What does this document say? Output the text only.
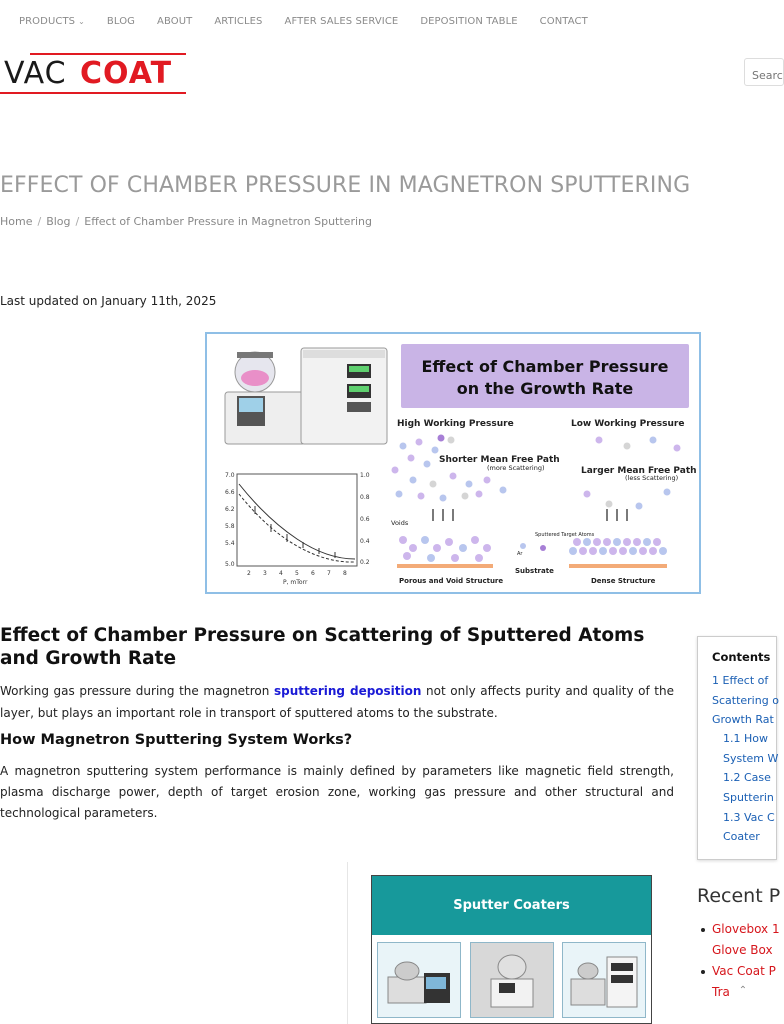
PRODUCTS ⌄ BLOG ABOUT ARTICLES AFTER SALES SERVICE DEPOSITION TABLE CONTACT
VAC COAT
Search
EFFECT OF CHAMBER PRESSURE IN MAGNETRON SPUTTERING
Home / Blog / Effect of Chamber Pressure in Magnetron Sputtering
Last updated on January 11th, 2025
7.0
6.6
6.2
5.8
5.4
5.0
1.0
0.8
0.6
0.4
0.2
2 3 4 5 6 7 8
P, mTorr
Effect of Chamber Pressure
on the Growth Rate
High Working Pressure	Low Working Pressure
Shorter Mean Free Path
(more Scattering)	Larger Mean Free Path
(less Scattering)
Voids
Porous and Void Structure
Sputtered Target Atoms
Ar
Substrate
Dense Structure
Effect of Chamber Pressure on Scattering of Sputtered Atoms and Growth Rate

Working gas pressure during the magnetron sputtering deposition not only affects purity and quality of the layer, but plays an important role in transport of sputtered atoms to the substrate.

How Magnetron Sputtering System Works?

A magnetron sputtering system performance is mainly defined by parameters like magnetic field strength, plasma discharge power, depth of target erosion zone, working gas pressure and other structural and technological parameters.

Contents
1 Effect of
Scattering o
Growth Rat
1.1 How
System W
1.2 Case
Sputterin
1.3 Vac C
Coater
Recent P
Glovebox 1
Glove Box
Vac Coat P
Tra
Sputter Coaters
⌃
